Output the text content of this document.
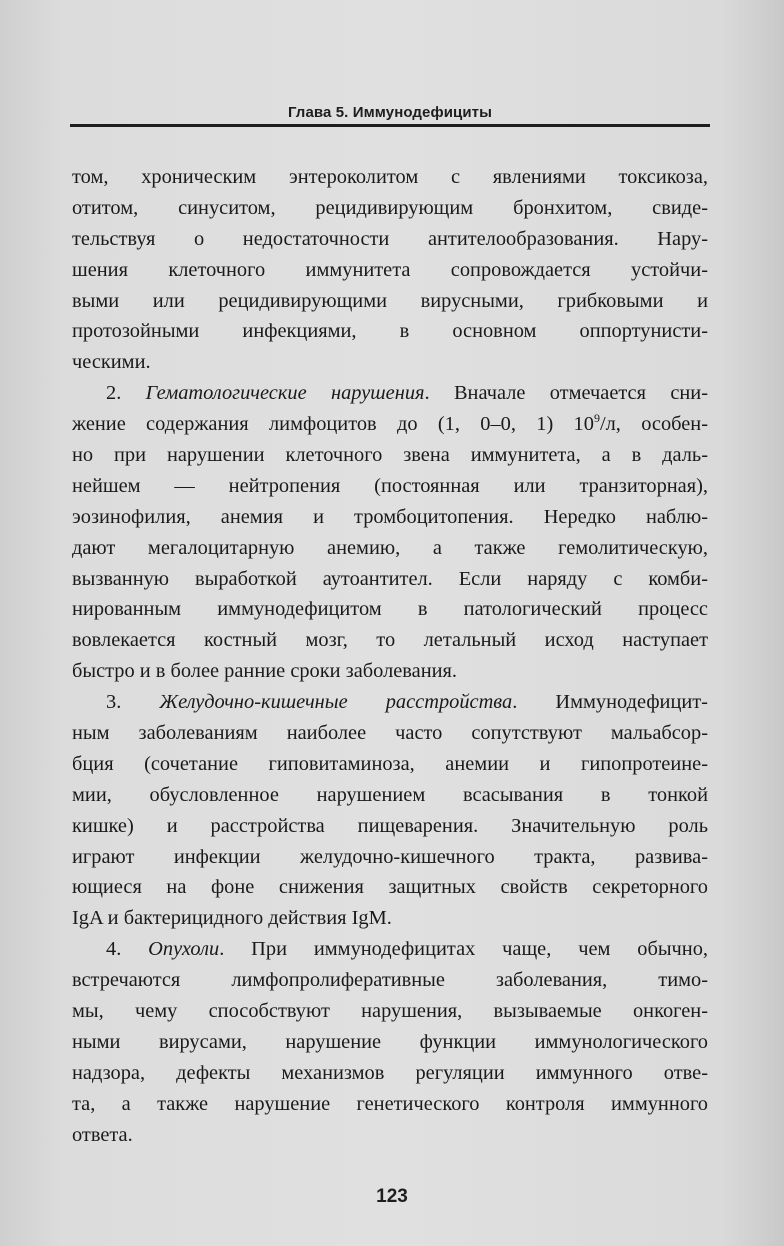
Глава 5. Иммунодефициты
том, хроническим энтероколитом с явлениями токсикоза,
отитом, синуситом, рецидивирующим бронхитом, свиде-
тельствуя о недостаточности антителообразования. Нару-
шения клеточного иммунитета сопровождается устойчи-
выми или рецидивирующими вирусными, грибковыми и
протозойными инфекциями, в основном оппортунисти-
ческими.
2. Гематологические нарушения. Вначале отмечается сни-
жение содержания лимфоцитов до (1, 0–0, 1) $10^9/л$, особен-
но при нарушении клеточного звена иммунитета, а в даль-
нейшем — нейтропения (постоянная или транзиторная),
эозинофилия, анемия и тромбоцитопения. Нередко наблю-
дают мегалоцитарную анемию, а также гемолитическую,
вызванную выработкой аутоантител. Если наряду с комби-
нированным иммунодефицитом в патологический процесс
вовлекается костный мозг, то летальный исход наступает
быстро и в более ранние сроки заболевания.
3. Желудочно-кишечные расстройства. Иммунодефицит-
ным заболеваниям наиболее часто сопутствуют мальабсор-
бция (сочетание гиповитаминоза, анемии и гипопротеине-
мии, обусловленное нарушением всасывания в тонкой
кишке) и расстройства пищеварения. Значительную роль
играют инфекции желудочно-кишечного тракта, развива-
ющиеся на фоне снижения защитных свойств секреторного
IgA и бактерицидного действия IgM.
4. Опухоли. При иммунодефицитах чаще, чем обычно,
встречаются лимфопролиферативные заболевания, тимо-
мы, чему способствуют нарушения, вызываемые онкоген-
ными вирусами, нарушение функции иммунологического
надзора, дефекты механизмов регуляции иммунного отве-
та, а также нарушение генетического контроля иммунного
ответа.
123
